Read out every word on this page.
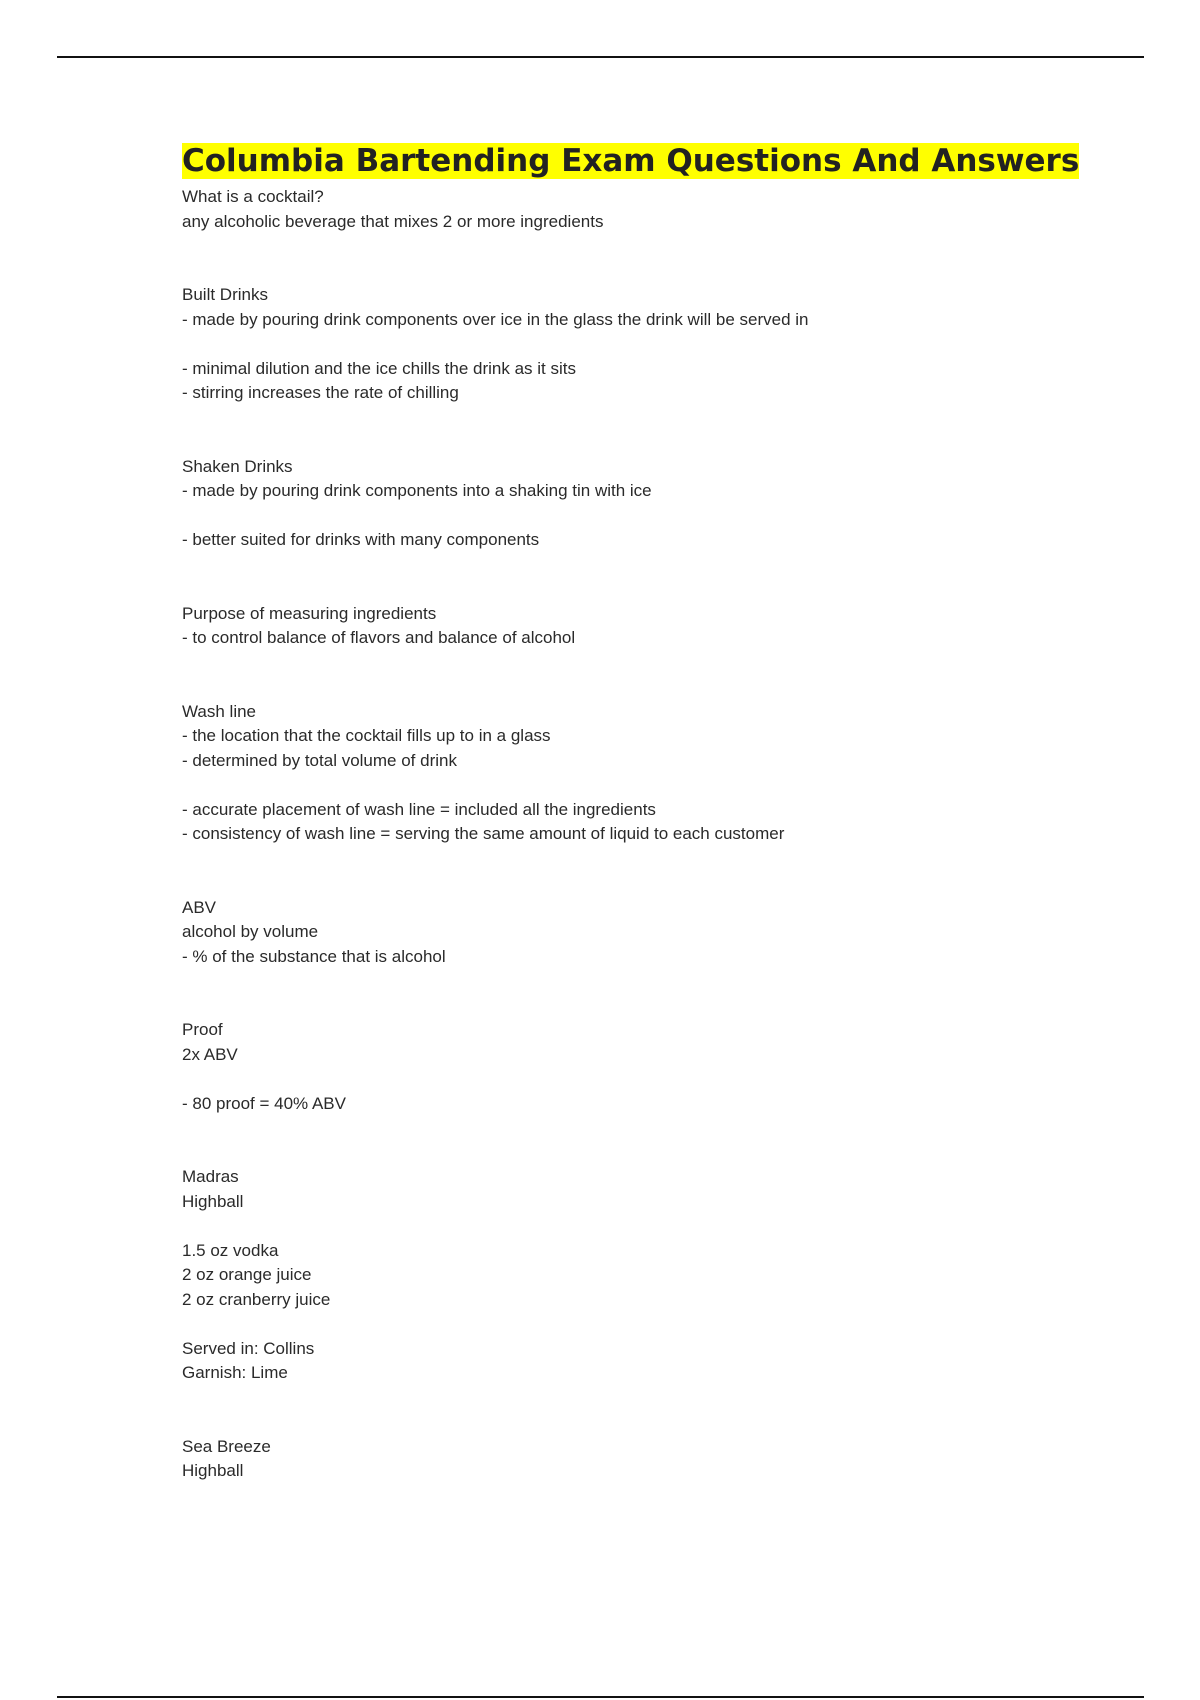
Columbia Bartending Exam Questions And Answers
What is a cocktail?
any alcoholic beverage that mixes 2 or more ingredients
Built Drinks
- made by pouring drink components over ice in the glass the drink will be served in
- minimal dilution and the ice chills the drink as it sits
- stirring increases the rate of chilling
Shaken Drinks
- made by pouring drink components into a shaking tin with ice
- better suited for drinks with many components
Purpose of measuring ingredients
- to control balance of flavors and balance of alcohol
Wash line
- the location that the cocktail fills up to in a glass
- determined by total volume of drink
- accurate placement of wash line = included all the ingredients
- consistency of wash line = serving the same amount of liquid to each customer
ABV
alcohol by volume
- % of the substance that is alcohol
Proof
2x ABV
- 80 proof = 40% ABV
Madras
Highball
1.5 oz vodka
2 oz orange juice
2 oz cranberry juice
Served in: Collins
Garnish: Lime
Sea Breeze
Highball
